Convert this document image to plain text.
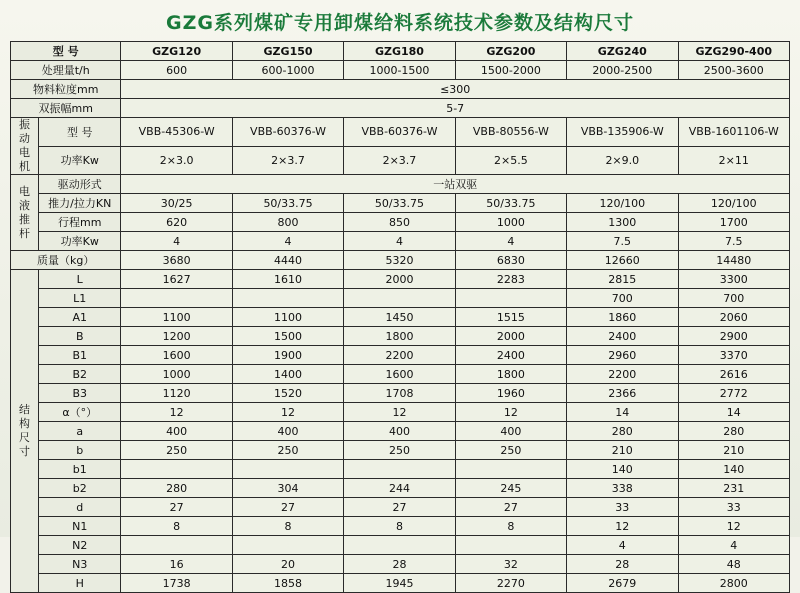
GZG系列煤矿专用卸煤给料系统技术参数及结构尺寸
型 号		GZG120	GZG150	GZG180	GZG200	GZG240	GZG290-400
处理量t/h		600	600-1000	1000-1500	1500-2000	2000-2500	2500-3600
物料粒度mm		≤300					
双振幅mm		5-7					

振动电机	型 号	VBB-45306-W	VBB-60376-W	VBB-60376-W	VBB-80556-W	VBB-135906-W	VBB-1601106-W
	功率Kw	2×3.0	2×3.7	2×3.7	2×5.5	2×9.0	2×11

电液推杆	驱动形式	一站双驱					
	推力/拉力KN	30/25	50/33.75	50/33.75	50/33.75	120/100	120/100
	行程mm	620	800	850	1000	1300	1700
	功率Kw	4	4	4	4	7.5	7.5
质量（kg）		3680	4440	5320	6830	12660	14480

结构尺寸	L	1627	1610	2000	2283	2815	3300
	L1					700	700
	A1	1100	1100	1450	1515	1860	2060
	B	1200	1500	1800	2000	2400	2900
	B1	1600	1900	2200	2400	2960	3370
	B2	1000	1400	1600	1800	2200	2616
	B3	1120	1520	1708	1960	2366	2772
	α（°）	12	12	12	12	14	14
	a	400	400	400	400	280	280
	b	250	250	250	250	210	210
	b1					140	140
	b2	280	304	244	245	338	231
	d	27	27	27	27	33	33
	N1	8	8	8	8	12	12
	N2					4	4
	N3	16	20	28	32	28	48
	H	1738	1858	1945	2270	2679	2800
